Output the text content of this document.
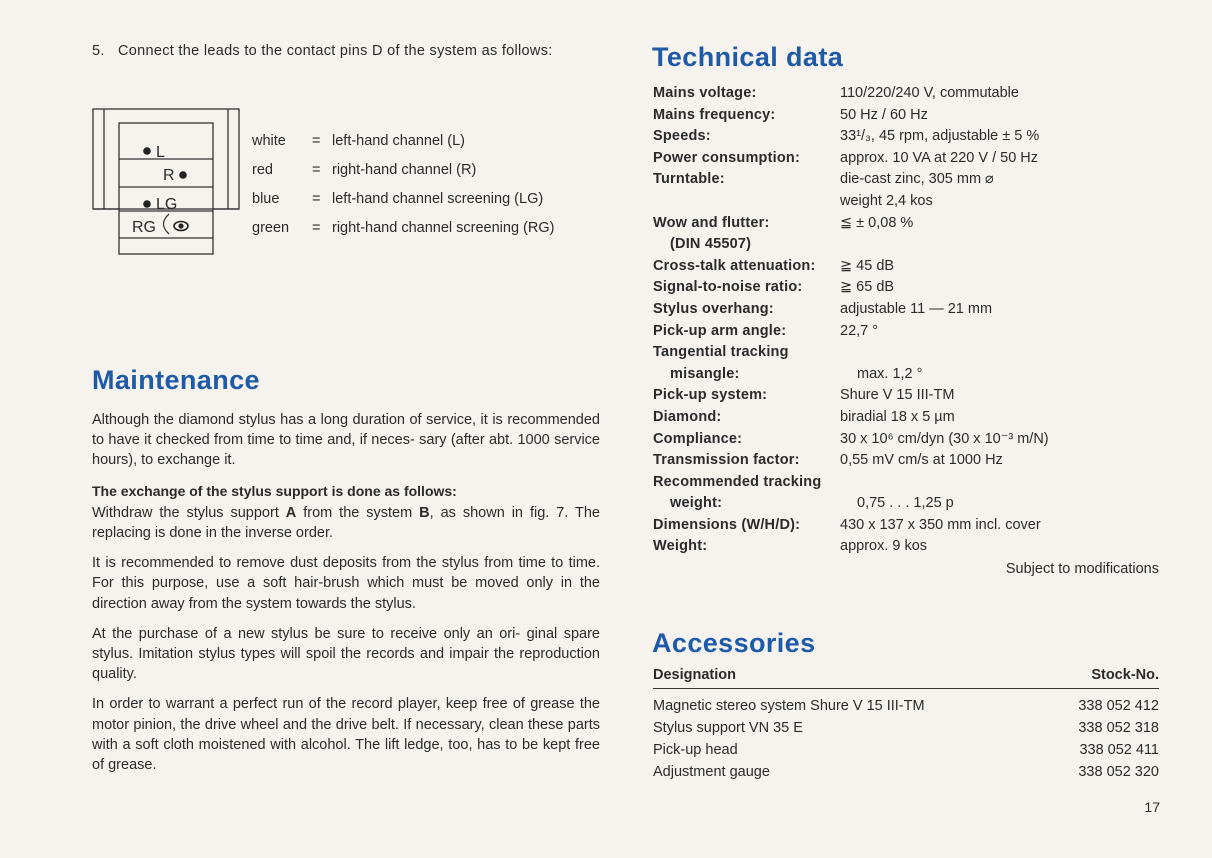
5. Connect the leads to the contact pins D of the system as follows:
L
R
LG
RG
white	= left-hand channel (L)
red	= right-hand channel (R)
blue	= left-hand channel screening (LG)
green	= right-hand channel screening (RG)
Maintenance

Although the diamond stylus has a long duration of service, it is recommended to have it checked from time to time and, if neces- sary (after abt. 1000 service hours), to exchange it.

The exchange of the stylus support is done as follows:

Withdraw the stylus support A from the system B, as shown in fig. 7. The replacing is done in the inverse order.

It is recommended to remove dust deposits from the stylus from time to time. For this purpose, use a soft hair-brush which must be moved only in the direction away from the system towards the stylus.

At the purchase of a new stylus be sure to receive only an ori- ginal spare stylus. Imitation stylus types will spoil the records and impair the reproduction quality.

In order to warrant a perfect run of the record player, keep free of grease the motor pinion, the drive wheel and the drive belt. If necessary, clean these parts with a soft cloth moistened with alcohol. The lift ledge, too, has to be kept free of grease.

Technical data
Mains voltage:	110/220/240 V, commutable
Mains frequency:	50 Hz / 60 Hz
Speeds:	33¹/₃, 45 rpm, adjustable ± 5 %
Power consumption:	approx. 10 VA at 220 V / 50 Hz
Turntable:	die-cast zinc, 305 mm ⌀
weight 2,4 kos
Wow and flutter:	≦ ± 0,08 %
(DIN 45507)
Cross-talk attenuation:	≧ 45 dB
Signal-to-noise ratio:	≧ 65 dB
Stylus overhang:	adjustable 11 — 21 mm
Pick-up arm angle:	22,7 °
Tangential tracking
misangle:	max. 1,2 °
Pick-up system:	Shure V 15 III-TM
Diamond:	biradial 18 x 5 µm
Compliance:	30 x 10⁶ cm/dyn (30 x 10⁻³ m/N)
Transmission factor:	0,55 mV cm/s at 1000 Hz
Recommended tracking
weight:	0,75 . . . 1,25 p
Dimensions (W/H/D):	430 x 137 x 350 mm incl. cover
Weight:	approx. 9 kos
Subject to modifications
Accessories
Designation	Stock-No.
Magnetic stereo system Shure V 15 III-TM	338 052 412
Stylus support VN 35 E	338 052 318
Pick-up head	338 052 411
Adjustment gauge	338 052 320
17
